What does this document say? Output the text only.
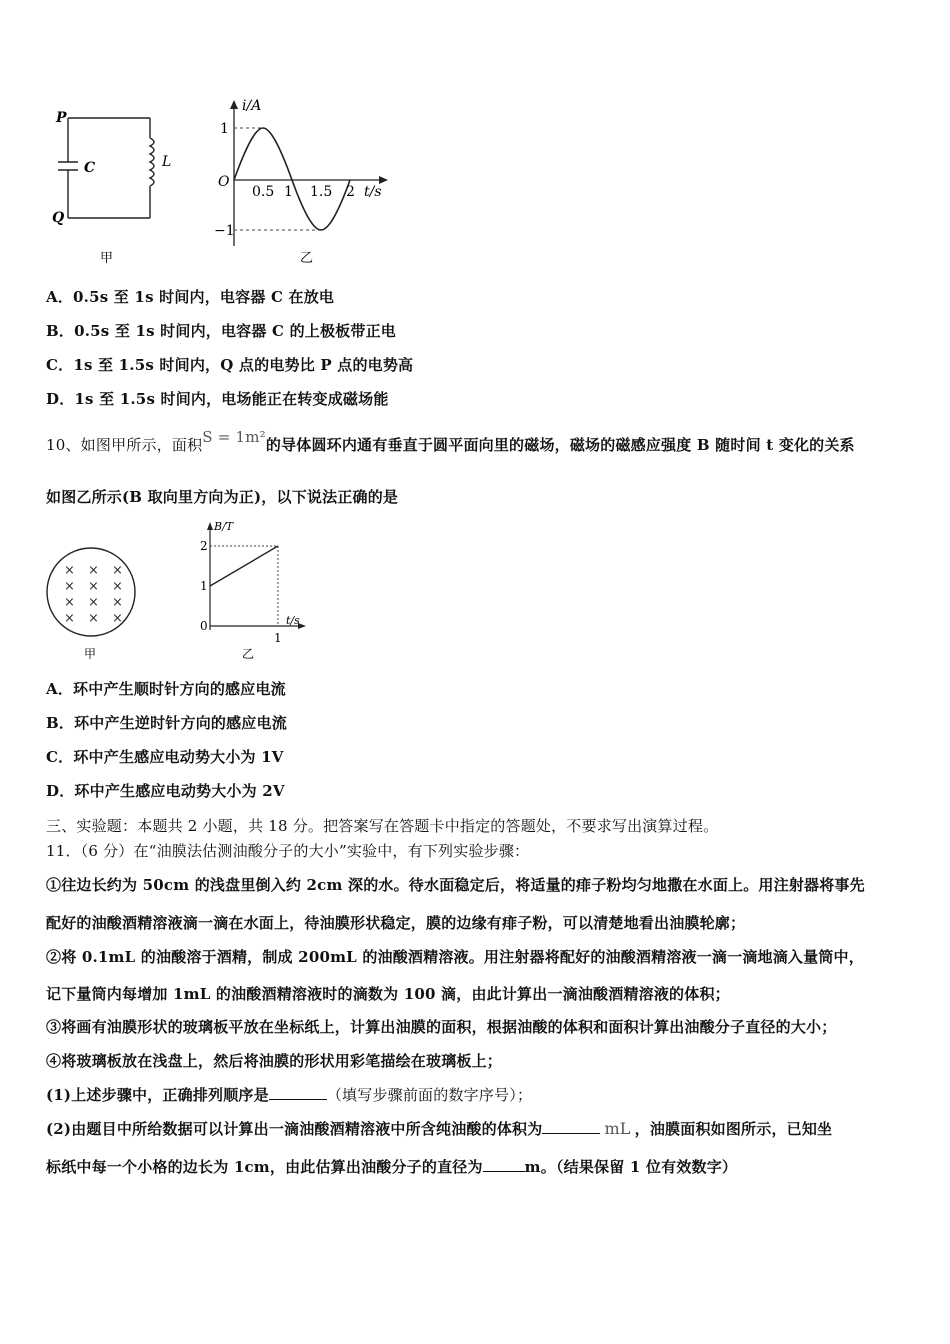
P
C	L
Q
甲
i/A
t/s
O
1
−1
0.5 1 1.5 2
乙
A．0.5s 至 1s 时间内，电容器 C 在放电
B．0.5s 至 1s 时间内，电容器 C 的上极板带正电
C．1s 至 1.5s 时间内，Q 点的电势比 P 点的电势高
D．1s 至 1.5s 时间内，电场能正在转变成磁场能
10、如图甲所示，面积S = 1m²的导体圆环内通有垂直于圆平面向里的磁场，磁场的磁感应强度 B 随时间 t 变化的关系
如图乙所示(B 取向里方向为正)，以下说法正确的是
× × ×
× × ×
× × ×
× × ×
甲
B/T
t/s
2
1
0
1
乙
A．环中产生顺时针方向的感应电流
B．环中产生逆时针方向的感应电流
C．环中产生感应电动势大小为 1V
D．环中产生感应电动势大小为 2V
三、实验题：本题共 2 小题，共 18 分。把答案写在答题卡中指定的答题处，不要求写出演算过程。
11．（6 分）在“油膜法估测油酸分子的大小”实验中，有下列实验步骤：
①往边长约为 50cm 的浅盘里倒入约 2cm 深的水。待水面稳定后，将适量的痱子粉均匀地撒在水面上。用注射器将事先
配好的油酸酒精溶液滴一滴在水面上，待油膜形状稳定，膜的边缘有痱子粉，可以清楚地看出油膜轮廓；
②将 0.1mL 的油酸溶于酒精，制成 200mL 的油酸酒精溶液。用注射器将配好的油酸酒精溶液一滴一滴地滴入量筒中，
记下量筒内每增加 1mL 的油酸酒精溶液时的滴数为 100 滴，由此计算出一滴油酸酒精溶液的体积；
③将画有油膜形状的玻璃板平放在坐标纸上，计算出油膜的面积，根据油酸的体积和面积计算出油酸分子直径的大小；
④将玻璃板放在浅盘上，然后将油膜的形状用彩笔描绘在玻璃板上；
(1)上述步骤中，正确排列顺序是	（填写步骤前面的数字序号）；
(2)由题目中所给数据可以计算出一滴油酸酒精溶液中所含纯油酸的体积为	mL ，油膜面积如图所示，已知坐
标纸中每一个小格的边长为 1cm，由此估算出油酸分子的直径为	m。（结果保留 1 位有效数字）
